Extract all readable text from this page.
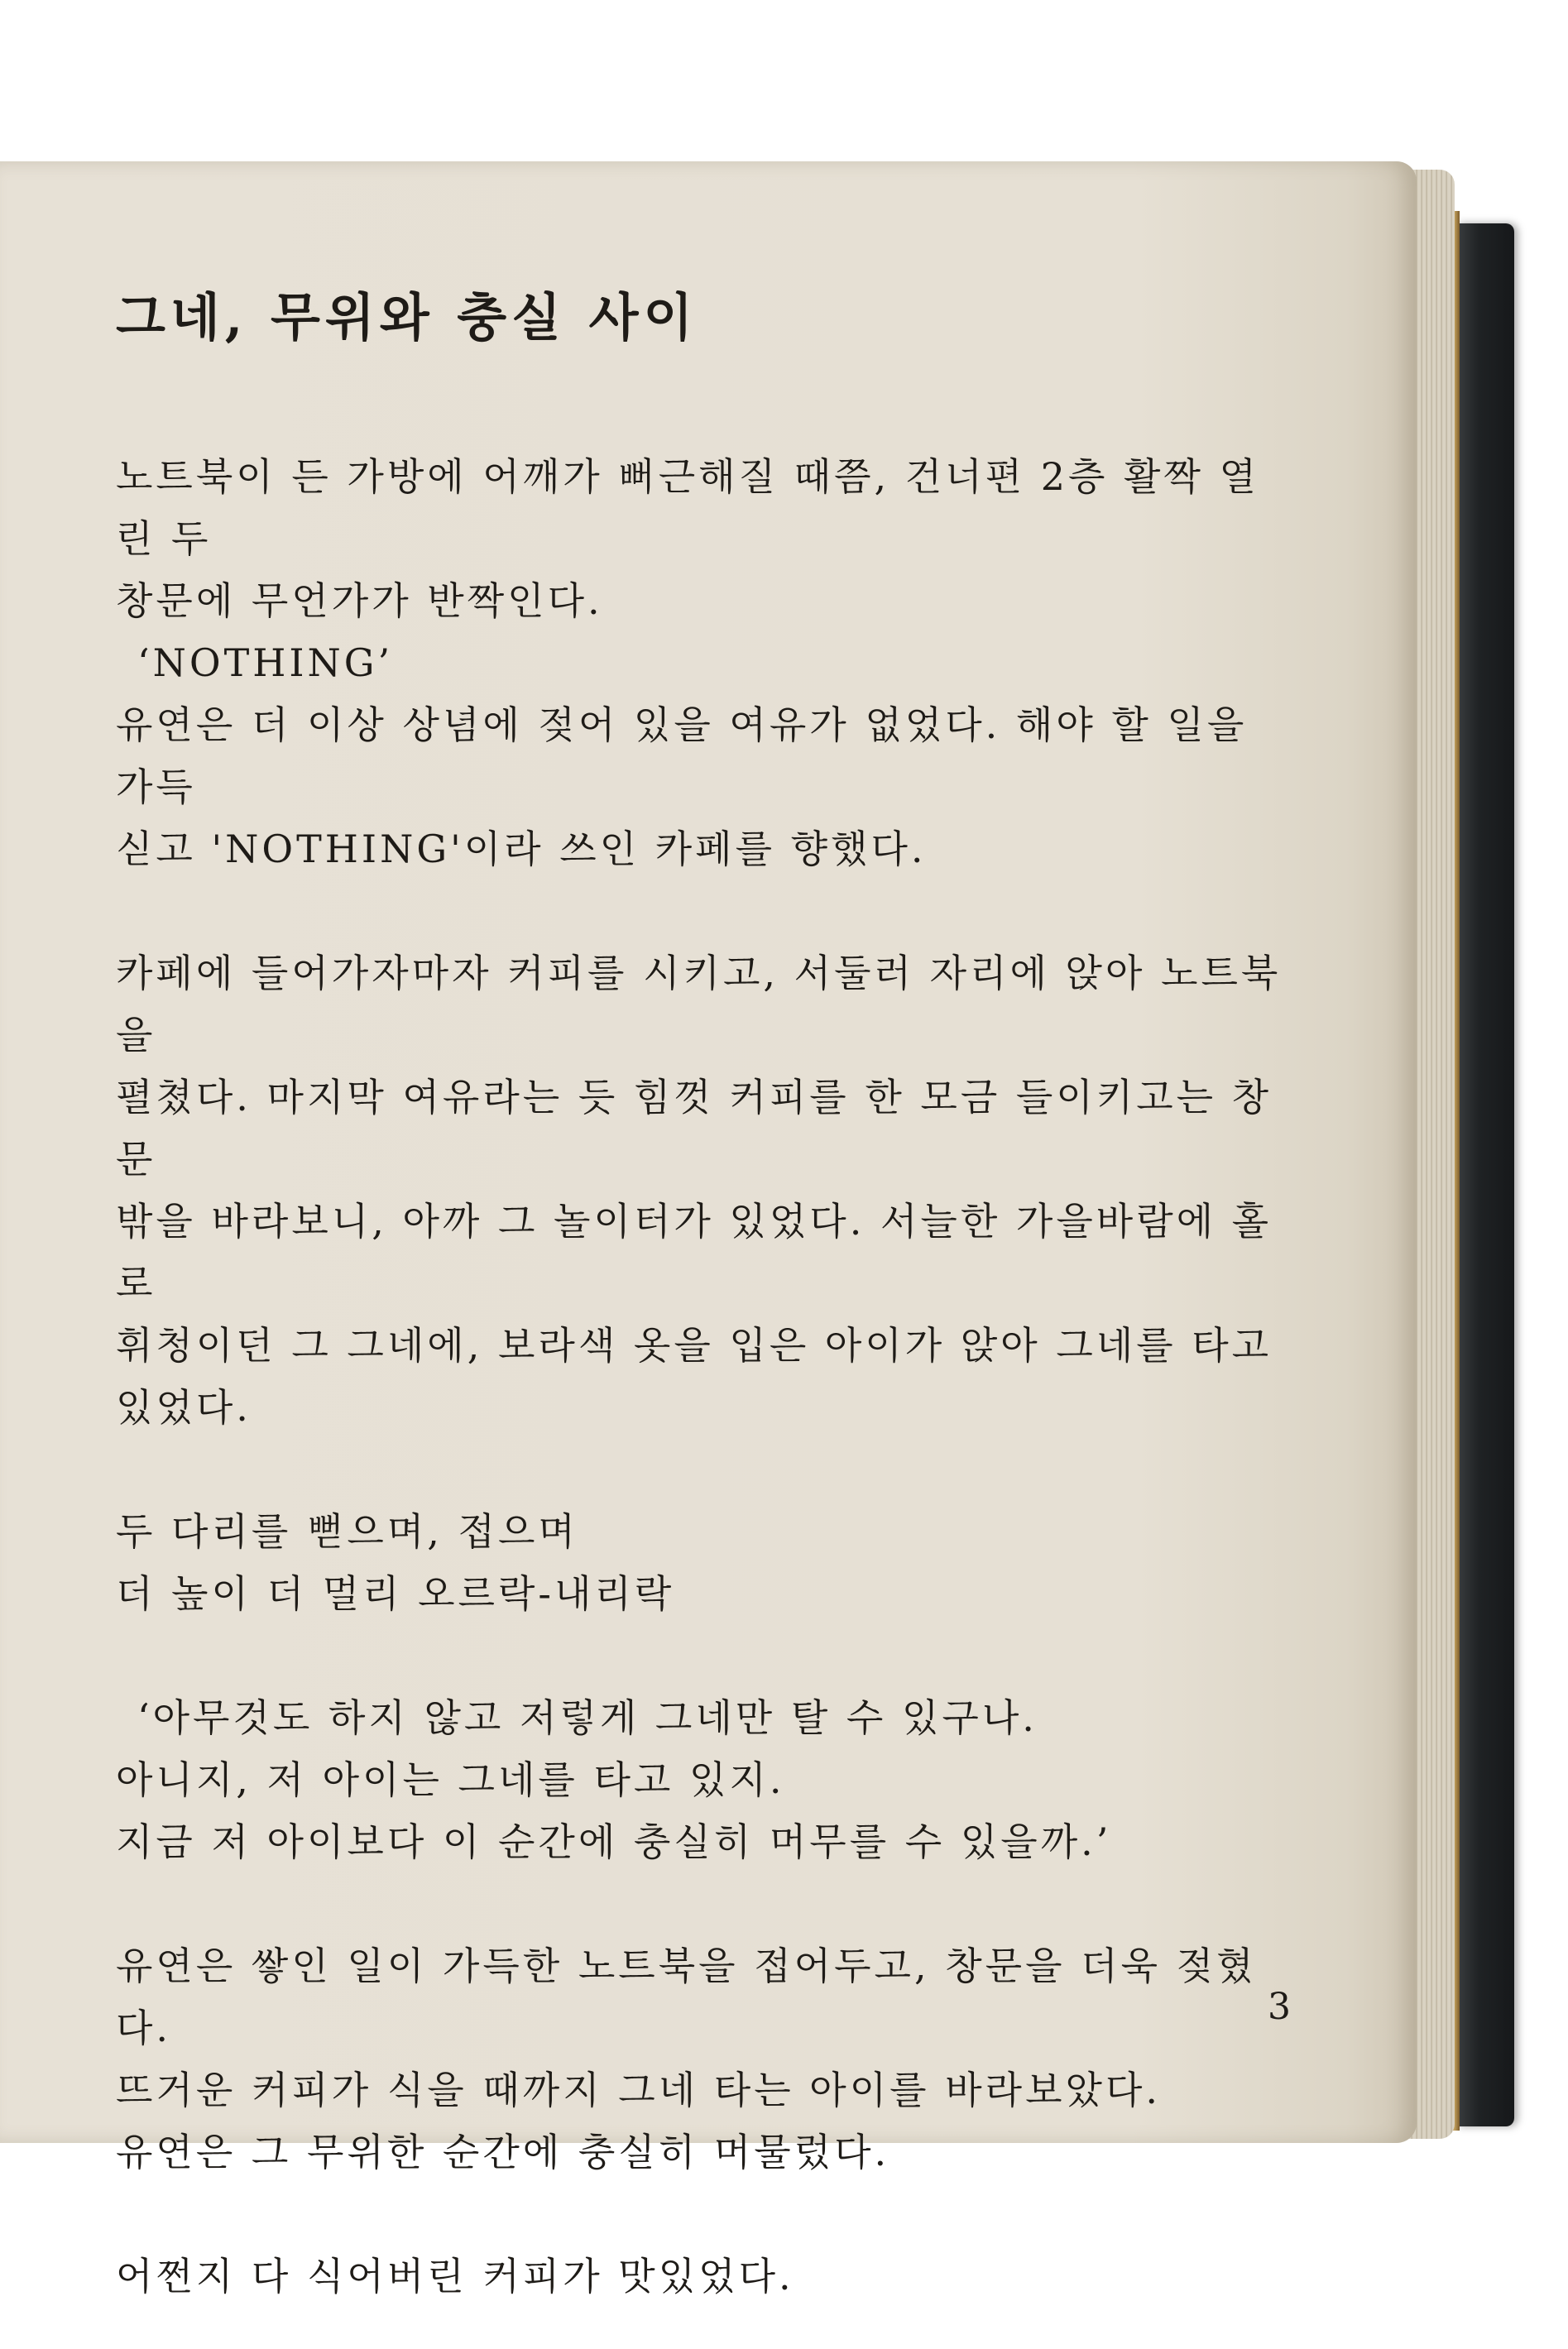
그네, 무위와 충실 사이

노트북이 든 가방에 어깨가 뻐근해질 때쯤, 건너편 2층 활짝 열린 두

창문에 무언가가 반짝인다.

‘NOTHING’

유연은 더 이상 상념에 젖어 있을 여유가 없었다. 해야 할 일을 가득

싣고 'NOTHING'이라 쓰인 카페를 향했다.

카페에 들어가자마자 커피를 시키고, 서둘러 자리에 앉아 노트북을

펼쳤다. 마지막 여유라는 듯 힘껏 커피를 한 모금 들이키고는 창문

밖을 바라보니, 아까 그 놀이터가 있었다. 서늘한 가을바람에 홀로

휘청이던 그 그네에, 보라색 옷을 입은 아이가 앉아 그네를 타고

있었다.

두 다리를 뻗으며, 접으며

더 높이 더 멀리 오르락-내리락

‘아무것도 하지 않고 저렇게 그네만 탈 수 있구나.

아니지, 저 아이는 그네를 타고 있지.

지금 저 아이보다 이 순간에 충실히 머무를 수 있을까.’

유연은 쌓인 일이 가득한 노트북을 접어두고, 창문을 더욱 젖혔다.

뜨거운 커피가 식을 때까지 그네 타는 아이를 바라보았다.

유연은 그 무위한 순간에 충실히 머물렀다.

어쩐지 다 식어버린 커피가 맛있었다.

3
